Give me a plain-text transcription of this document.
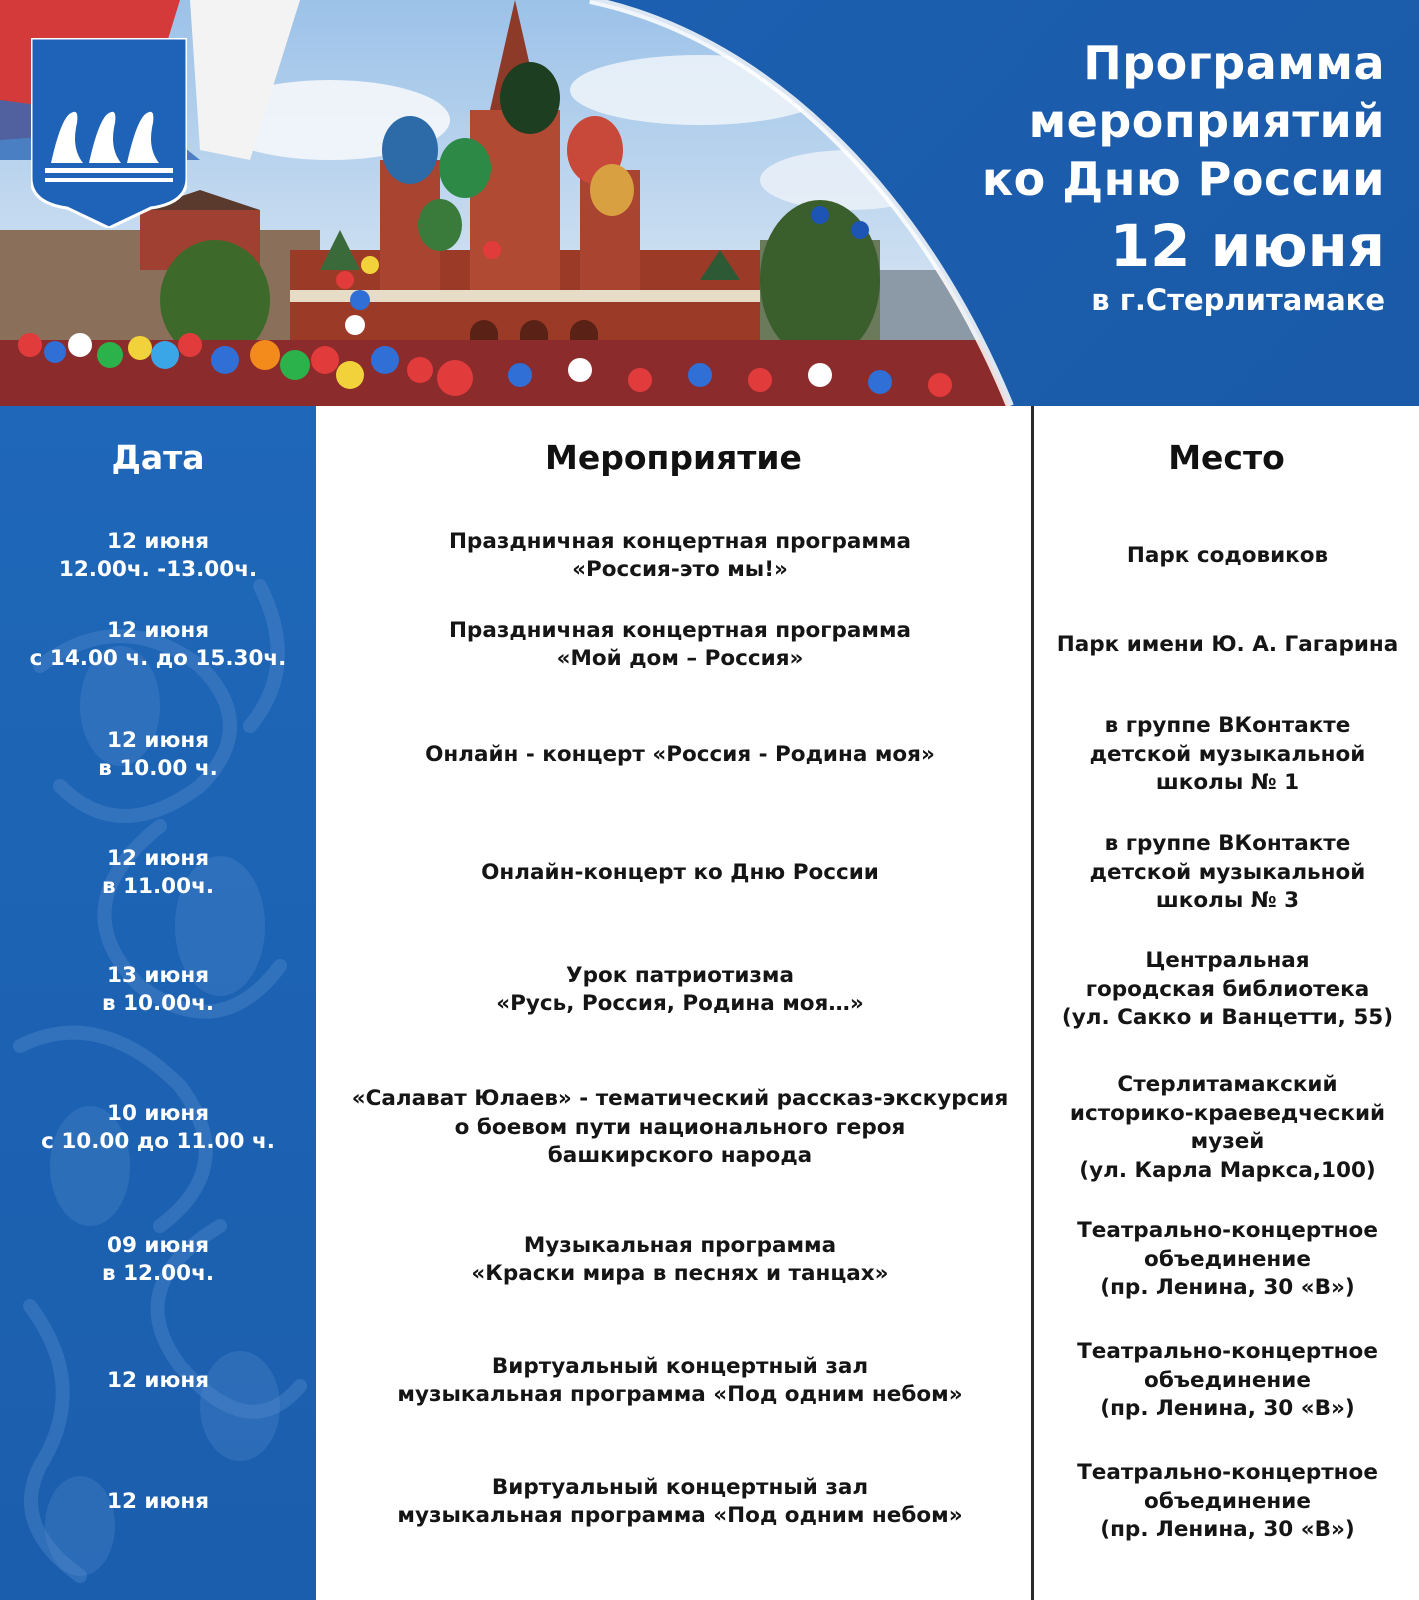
Программа
мероприятий
ко Дню России
12 июня
в г.Стерлитамаке
Дата	Мероприятие	Место
12 июня
12.00ч. -13.00ч.
Праздничная концертная программа
«Россия-это мы!»
Парк содовиков
12 июня
с 14.00 ч. до 15.30ч.
Праздничная концертная программа
«Мой дом – Россия»
Парк имени Ю. А. Гагарина
12 июня
в 10.00 ч.
Онлайн - концерт «Россия - Родина моя»
в группе ВКонтакте
детской музыкальной
школы № 1
12 июня
в 11.00ч.
Онлайн-концерт ко Дню России
в группе ВКонтакте
детской музыкальной
школы № 3
13 июня
в 10.00ч.
Урок патриотизма
«Русь, Россия, Родина моя…»
Центральная
городская библиотека
(ул. Сакко и Ванцетти, 55)
10 июня
с 10.00 до 11.00 ч.
«Салават Юлаев» - тематический рассказ-экскурсия
о боевом пути национального героя
башкирского народа
Стерлитамакский
историко-краеведческий
музей
(ул. Карла Маркса,100)
09 июня
в 12.00ч.
Музыкальная программа
«Краски мира в песнях и танцах»
Театрально-концертное
объединение
(пр. Ленина, 30 «В»)
12 июня
Виртуальный концертный зал
музыкальная программа «Под одним небом»
Театрально-концертное
объединение
(пр. Ленина, 30 «В»)
12 июня
Виртуальный концертный зал
музыкальная программа «Под одним небом»
Театрально-концертное
объединение
(пр. Ленина, 30 «В»)
